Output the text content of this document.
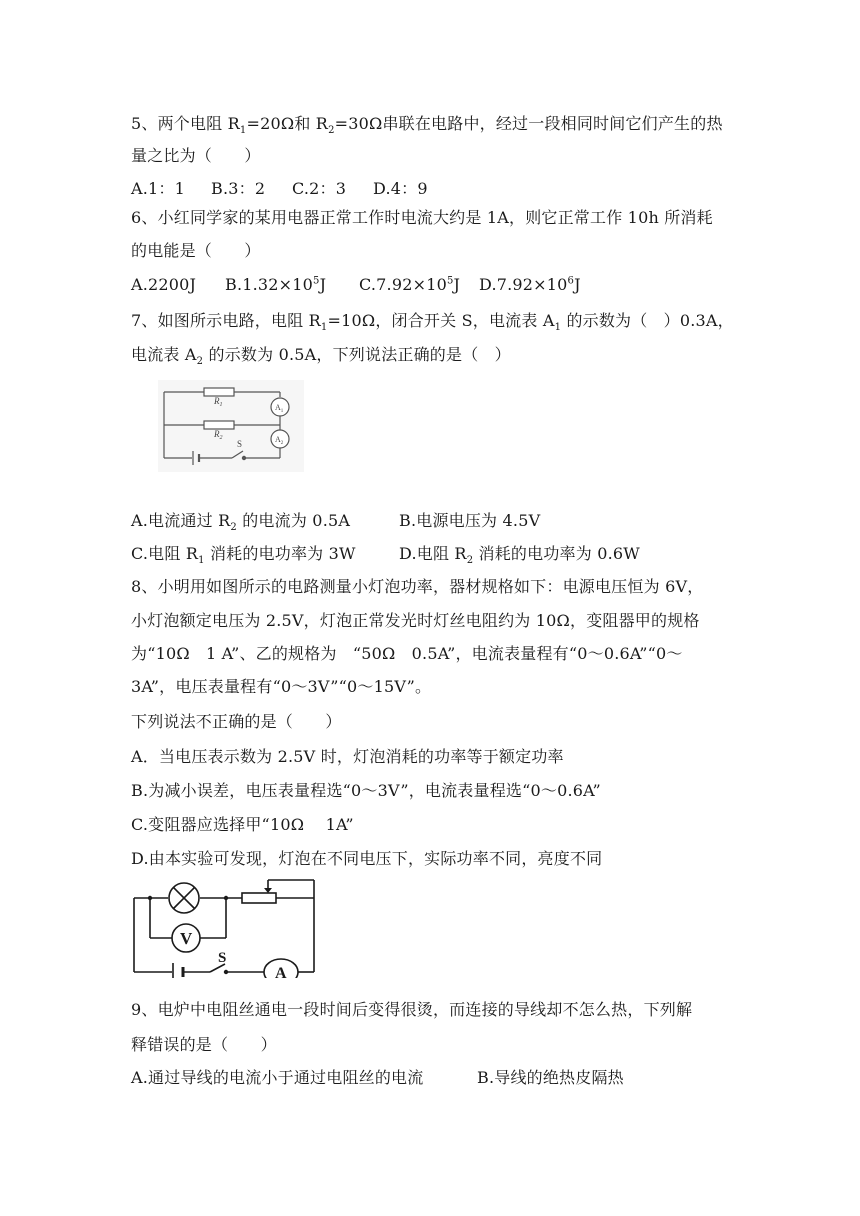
5、两个电阻 $R_1=20\Omega$和 $R_2=30\Omega$串联在电路中，经过一段相同时间它们产生的热
量之比为（　　）
A.1：1 B.3：2 C.2：3 D.4：9
6、小红同学家的某用电器正常工作时电流大约是 1A，则它正常工作 10h 所消耗
的电能是（　　）
A.2200J $B.1.32\times 10^5J$ $C.7.92\times 10^5J$ $D.7.92\times 10^6J$
7、如图所示电路，电阻 $R_1=10\Omega$，闭合开关 S，电流表 $A_1$ 的示数为（　）0.3A，
电流表 $A_2$ 的示数为 0.5A，下列说法正确的是（　）
$R_1$
$R_2$
$A_1$
$A_2$
S
A.电流通过 $R_2$ 的电流为 0.5A	B.电源电压为 4.5V
C.电阻 $R_1$ 消耗的电功率为 3W	D.电阻 $R_2$ 消耗的电功率为 0.6W
8、小明用如图所示的电路测量小灯泡功率，器材规格如下：电源电压恒为 6V，
小灯泡额定电压为 2.5V，灯泡正常发光时灯丝电阻约为 10Ω，变阻器甲的规格
为“10Ω　1 A”、乙的规格为　“50Ω　0.5A”，电流表量程有“0～0.6A”“0～
3A”，电压表量程有“0～3V”“0～15V”。
下列说法不正确的是（　　）
A．当电压表示数为 2.5V 时，灯泡消耗的功率等于额定功率
B.为减小误差，电压表量程选“0～3V”，电流表量程选“0～0.6A”
C.变阻器应选择甲“10Ω　 1A”
D.由本实验可发现，灯泡在不同电压下，实际功率不同，亮度不同
V
S
A
9、电炉中电阻丝通电一段时间后变得很烫，而连接的导线却不怎么热，下列解
释错误的是（　　）
A.通过导线的电流小于通过电阻丝的电流	B.导线的绝热皮隔热
